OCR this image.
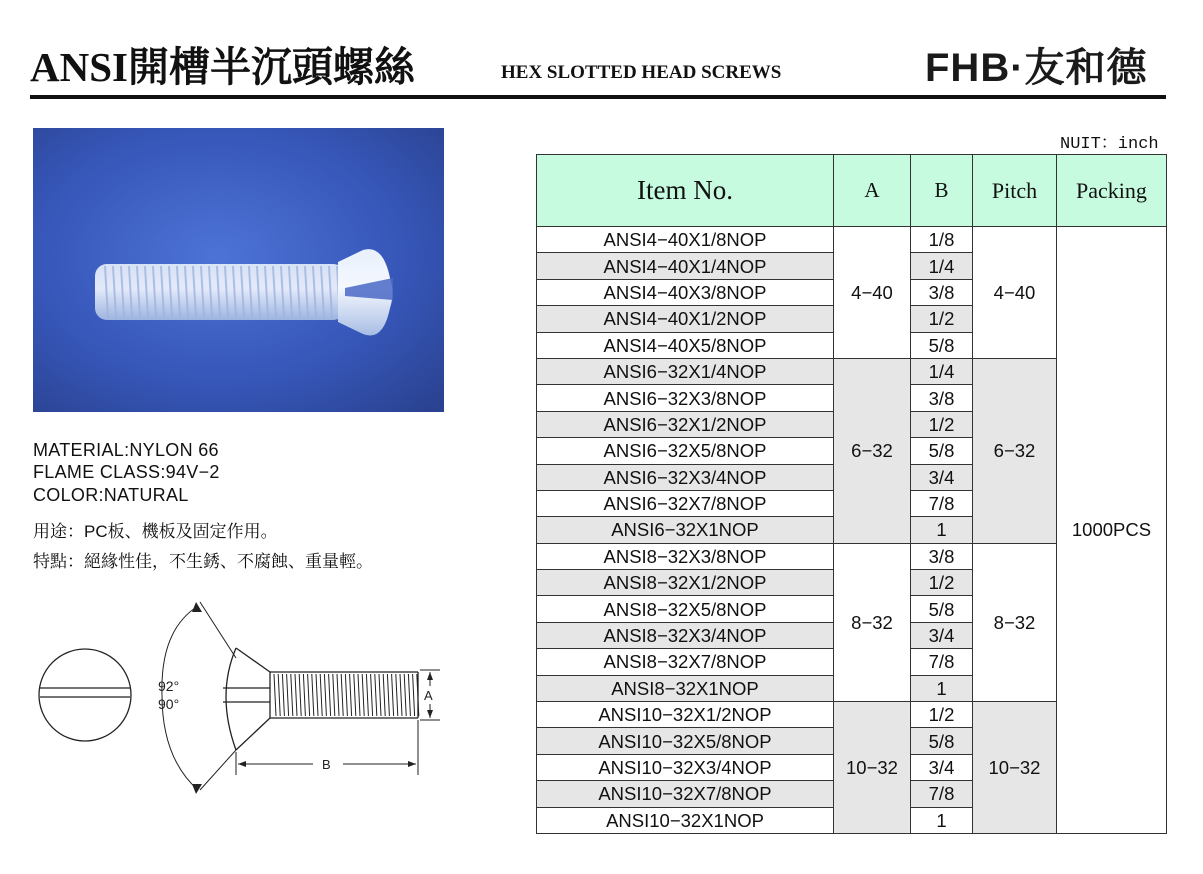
ANSI開槽半沉頭螺絲	HEX SLOTTED HEAD SCREWS	FHB·友和德
MATERIAL:NYLON 66
FLAME CLASS:94V−2
COLOR:NATURAL
用途：PC板、機板及固定作用。
特點：絕緣性佳，不生銹、不腐蝕、重量輕。
92°
90°
A
B
NUIT：inch
Item No.	A	B	Pitch	Packing
ANSI4−40X1/8NOP	4−40	1/8	4−40	1000PCS
ANSI4−40X1/4NOP		1/4		
ANSI4−40X3/8NOP		3/8		
ANSI4−40X1/2NOP		1/2		
ANSI4−40X5/8NOP		5/8		
ANSI6−32X1/4NOP	6−32	1/4	6−32	
ANSI6−32X3/8NOP		3/8		
ANSI6−32X1/2NOP		1/2		
ANSI6−32X5/8NOP		5/8		
ANSI6−32X3/4NOP		3/4		
ANSI6−32X7/8NOP		7/8		
ANSI6−32X1NOP		1		
ANSI8−32X3/8NOP	8−32	3/8	8−32	
ANSI8−32X1/2NOP		1/2		
ANSI8−32X5/8NOP		5/8		
ANSI8−32X3/4NOP		3/4		
ANSI8−32X7/8NOP		7/8		
ANSI8−32X1NOP		1		
ANSI10−32X1/2NOP	10−32	1/2	10−32	
ANSI10−32X5/8NOP		5/8		
ANSI10−32X3/4NOP		3/4		
ANSI10−32X7/8NOP		7/8		
ANSI10−32X1NOP		1		
